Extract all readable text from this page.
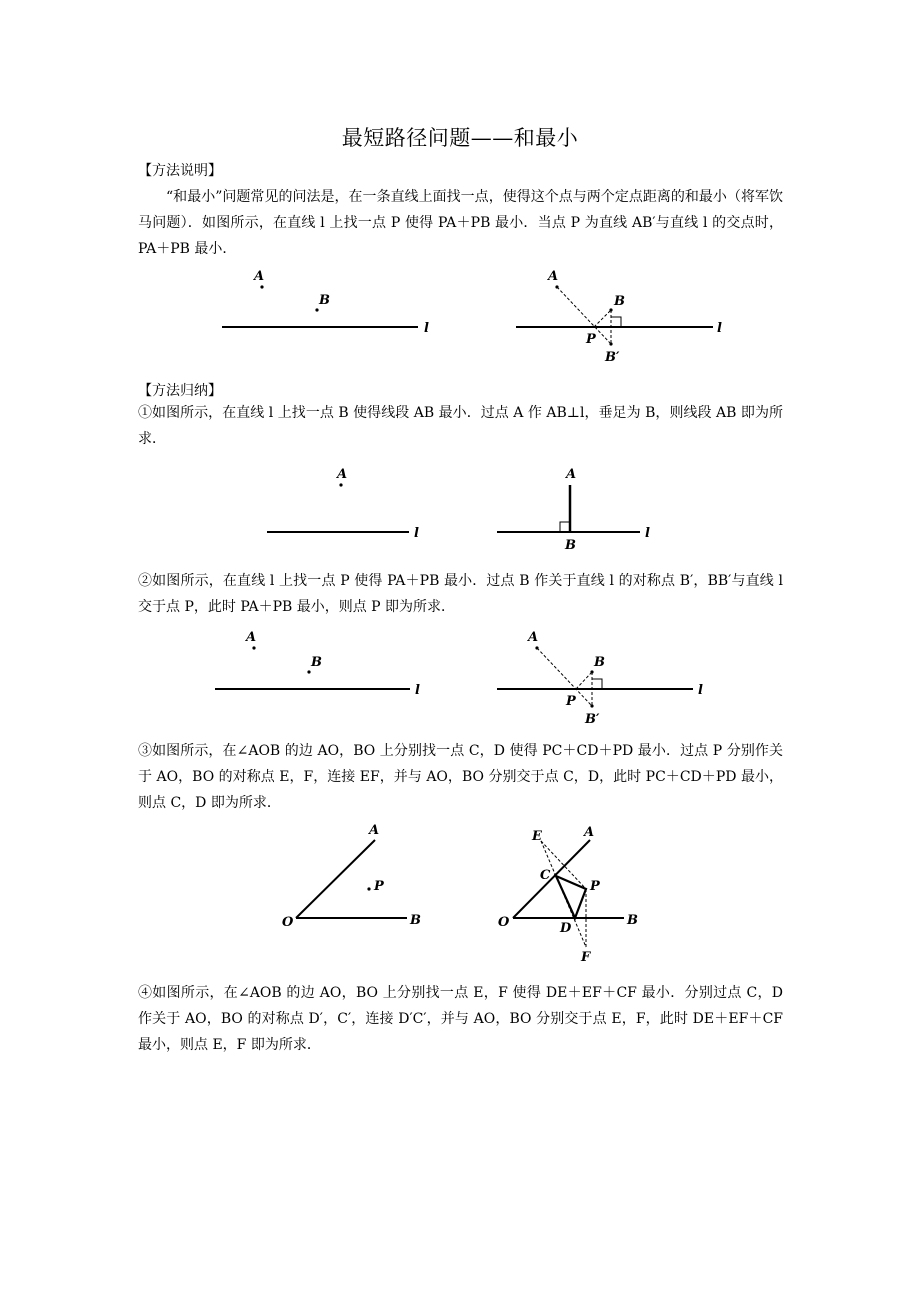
最短路径问题——和最小
【方法说明】
“和最小”问题常见的问法是，在一条直线上面找一点，使得这个点与两个定点距离的和最小（将军饮马问题）．如图所示，在直线 l 上找一点 P 使得 PA＋PB 最小．当点 P 为直线 AB′与直线 l 的交点时，PA＋PB 最小．
A
B
l
A
B
P
B′
l
【方法归纳】
①如图所示，在直线 l 上找一点 B 使得线段 AB 最小．过点 A 作 AB⊥l，垂足为 B，则线段 AB 即为所求．
A
l
A
B
l
②如图所示，在直线 l 上找一点 P 使得 PA＋PB 最小．过点 B 作关于直线 l 的对称点 B′，BB′与直线 l 交于点 P，此时 PA＋PB 最小，则点 P 即为所求．
A
B
l
A
B
P
B′
l
③如图所示，在∠AOB 的边 AO，BO 上分别找一点 C，D 使得 PC＋CD＋PD 最小．过点 P 分别作关于 AO，BO 的对称点 E，F，连接 EF，并与 AO，BO 分别交于点 C，D，此时 PC＋CD＋PD 最小，则点 C，D 即为所求．
A
P
O	B
E	A
C
P
O	D
B
F
④如图所示，在∠AOB 的边 AO，BO 上分别找一点 E，F 使得 DE＋EF＋CF 最小．分别过点 C，D 作关于 AO，BO 的对称点 D′，C′，连接 D′C′，并与 AO，BO 分别交于点 E，F，此时 DE＋EF＋CF 最小，则点 E，F 即为所求．
